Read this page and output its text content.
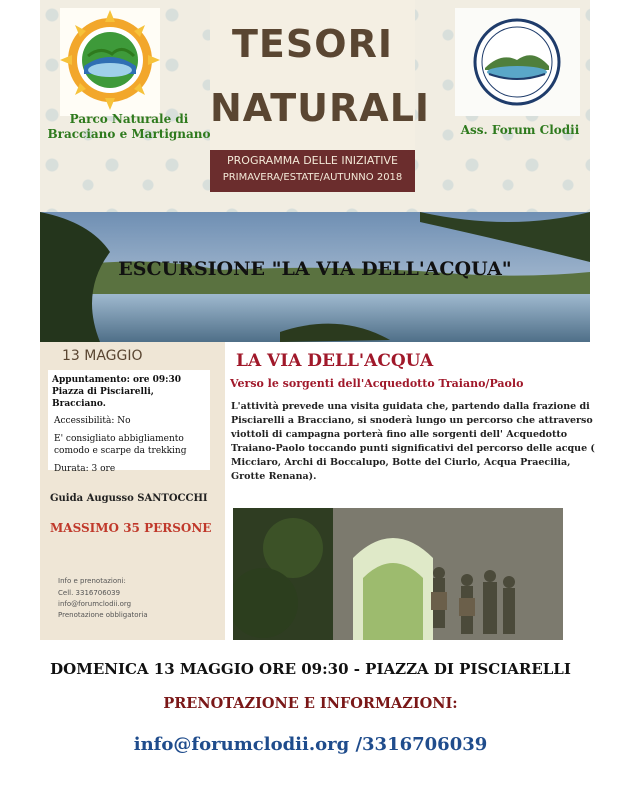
Parco Naturale di Bracciano e Martignano
TESORI
NATURALI
PROGRAMMA DELLE INIZIATIVE
PRIMAVERA/ESTATE/AUTUNNO 2018
Ass. Forum Clodii
ESCURSIONE "LA VIA DELL'ACQUA"
13 MAGGIO
Appuntamento: ore 09:30
Piazza di Pisciarelli, Bracciano.
Accessibilità: No
E' consigliato abbigliamento
comodo e scarpe da trekking
Durata: 3 ore
Guida Augusso SANTOCCHI
MASSIMO 35 PERSONE
Info e prenotazioni:
Cell. 3316706039
info@forumclodii.org
Prenotazione obbligatoria
LA VIA DELL'ACQUA
Verso le sorgenti dell'Acquedotto Traiano/Paolo
L'attività prevede una visita guidata che, partendo dalla frazione di Pisciarelli a Bracciano, si snoderà lungo un percorso che attraverso viottoli di campagna porterà fino alle sorgenti dell' Acquedotto Traiano-Paolo toccando punti significativi del percorso delle acque ( Micciaro, Archi di Boccalupo, Botte del Ciurlo, Acqua Praecilia, Grotte Renana).
DOMENICA 13 MAGGIO ORE 09:30 - PIAZZA DI PISCIARELLI
PRENOTAZIONE E INFORMAZIONI:
info@forumclodii.org /3316706039
